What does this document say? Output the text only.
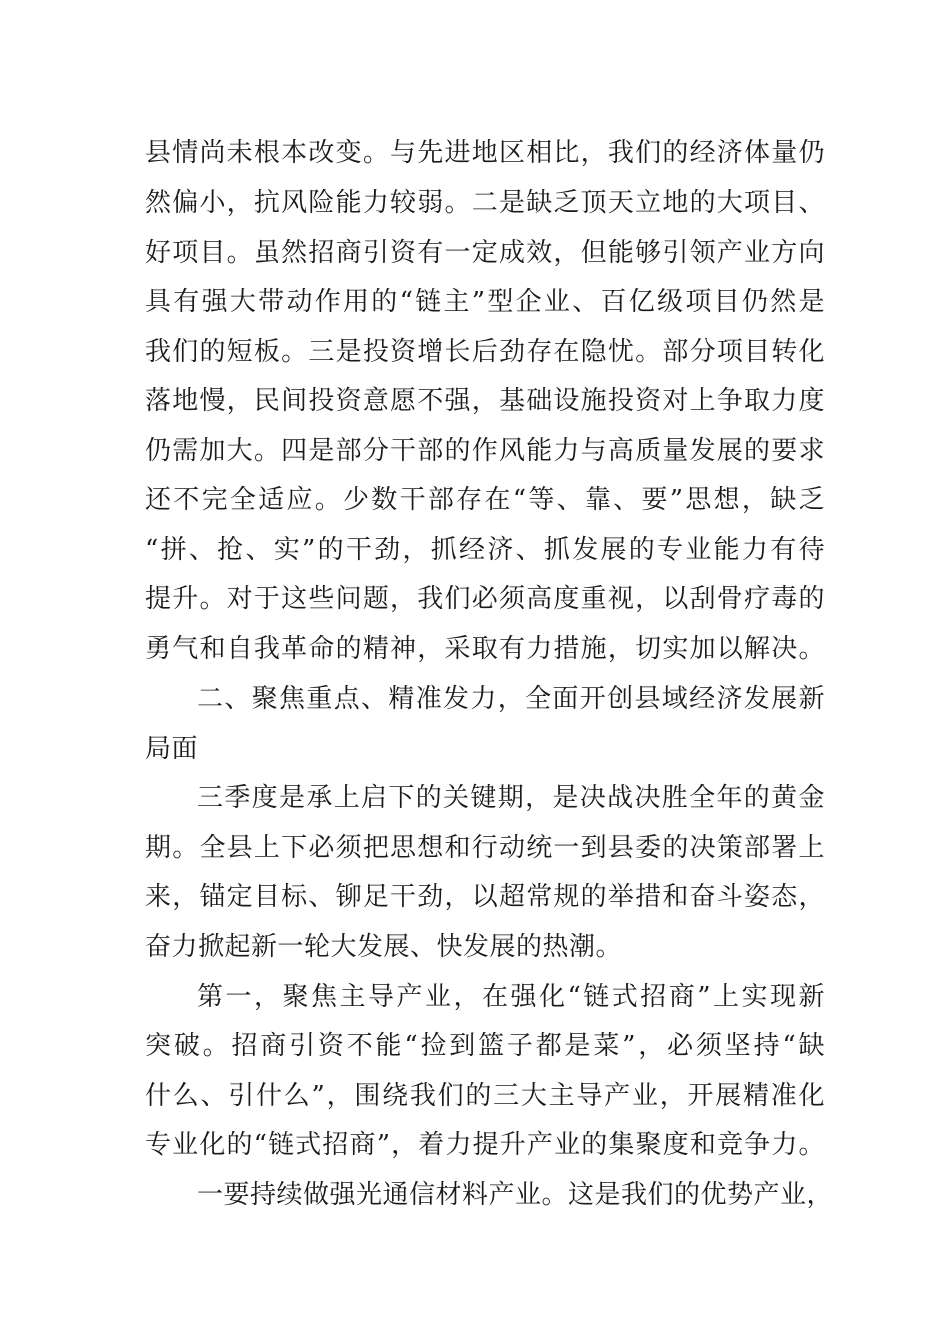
县情尚未根本改变。与先进地区相比，我们的经济体量仍
然偏小，抗风险能力较弱。二是缺乏顶天立地的大项目、
好项目。虽然招商引资有一定成效，但能够引领产业方向
具有强大带动作用的“链主”型企业、百亿级项目仍然是
我们的短板。三是投资增长后劲存在隐忧。部分项目转化
落地慢，民间投资意愿不强，基础设施投资对上争取力度
仍需加大。四是部分干部的作风能力与高质量发展的要求
还不完全适应。少数干部存在“等、靠、要”思想，缺乏
“拼、抢、实”的干劲，抓经济、抓发展的专业能力有待
提升。对于这些问题，我们必须高度重视，以刮骨疗毒的
勇气和自我革命的精神，采取有力措施，切实加以解决。
二、聚焦重点、精准发力，全面开创县域经济发展新
局面
三季度是承上启下的关键期，是决战决胜全年的黄金
期。全县上下必须把思想和行动统一到县委的决策部署上
来，锚定目标、铆足干劲，以超常规的举措和奋斗姿态，
奋力掀起新一轮大发展、快发展的热潮。
第一，聚焦主导产业，在强化“链式招商”上实现新
突破。招商引资不能“捡到篮子都是菜”，必须坚持“缺
什么、引什么”，围绕我们的三大主导产业，开展精准化
专业化的“链式招商”，着力提升产业的集聚度和竞争力。
一要持续做强光通信材料产业。这是我们的优势产业，
